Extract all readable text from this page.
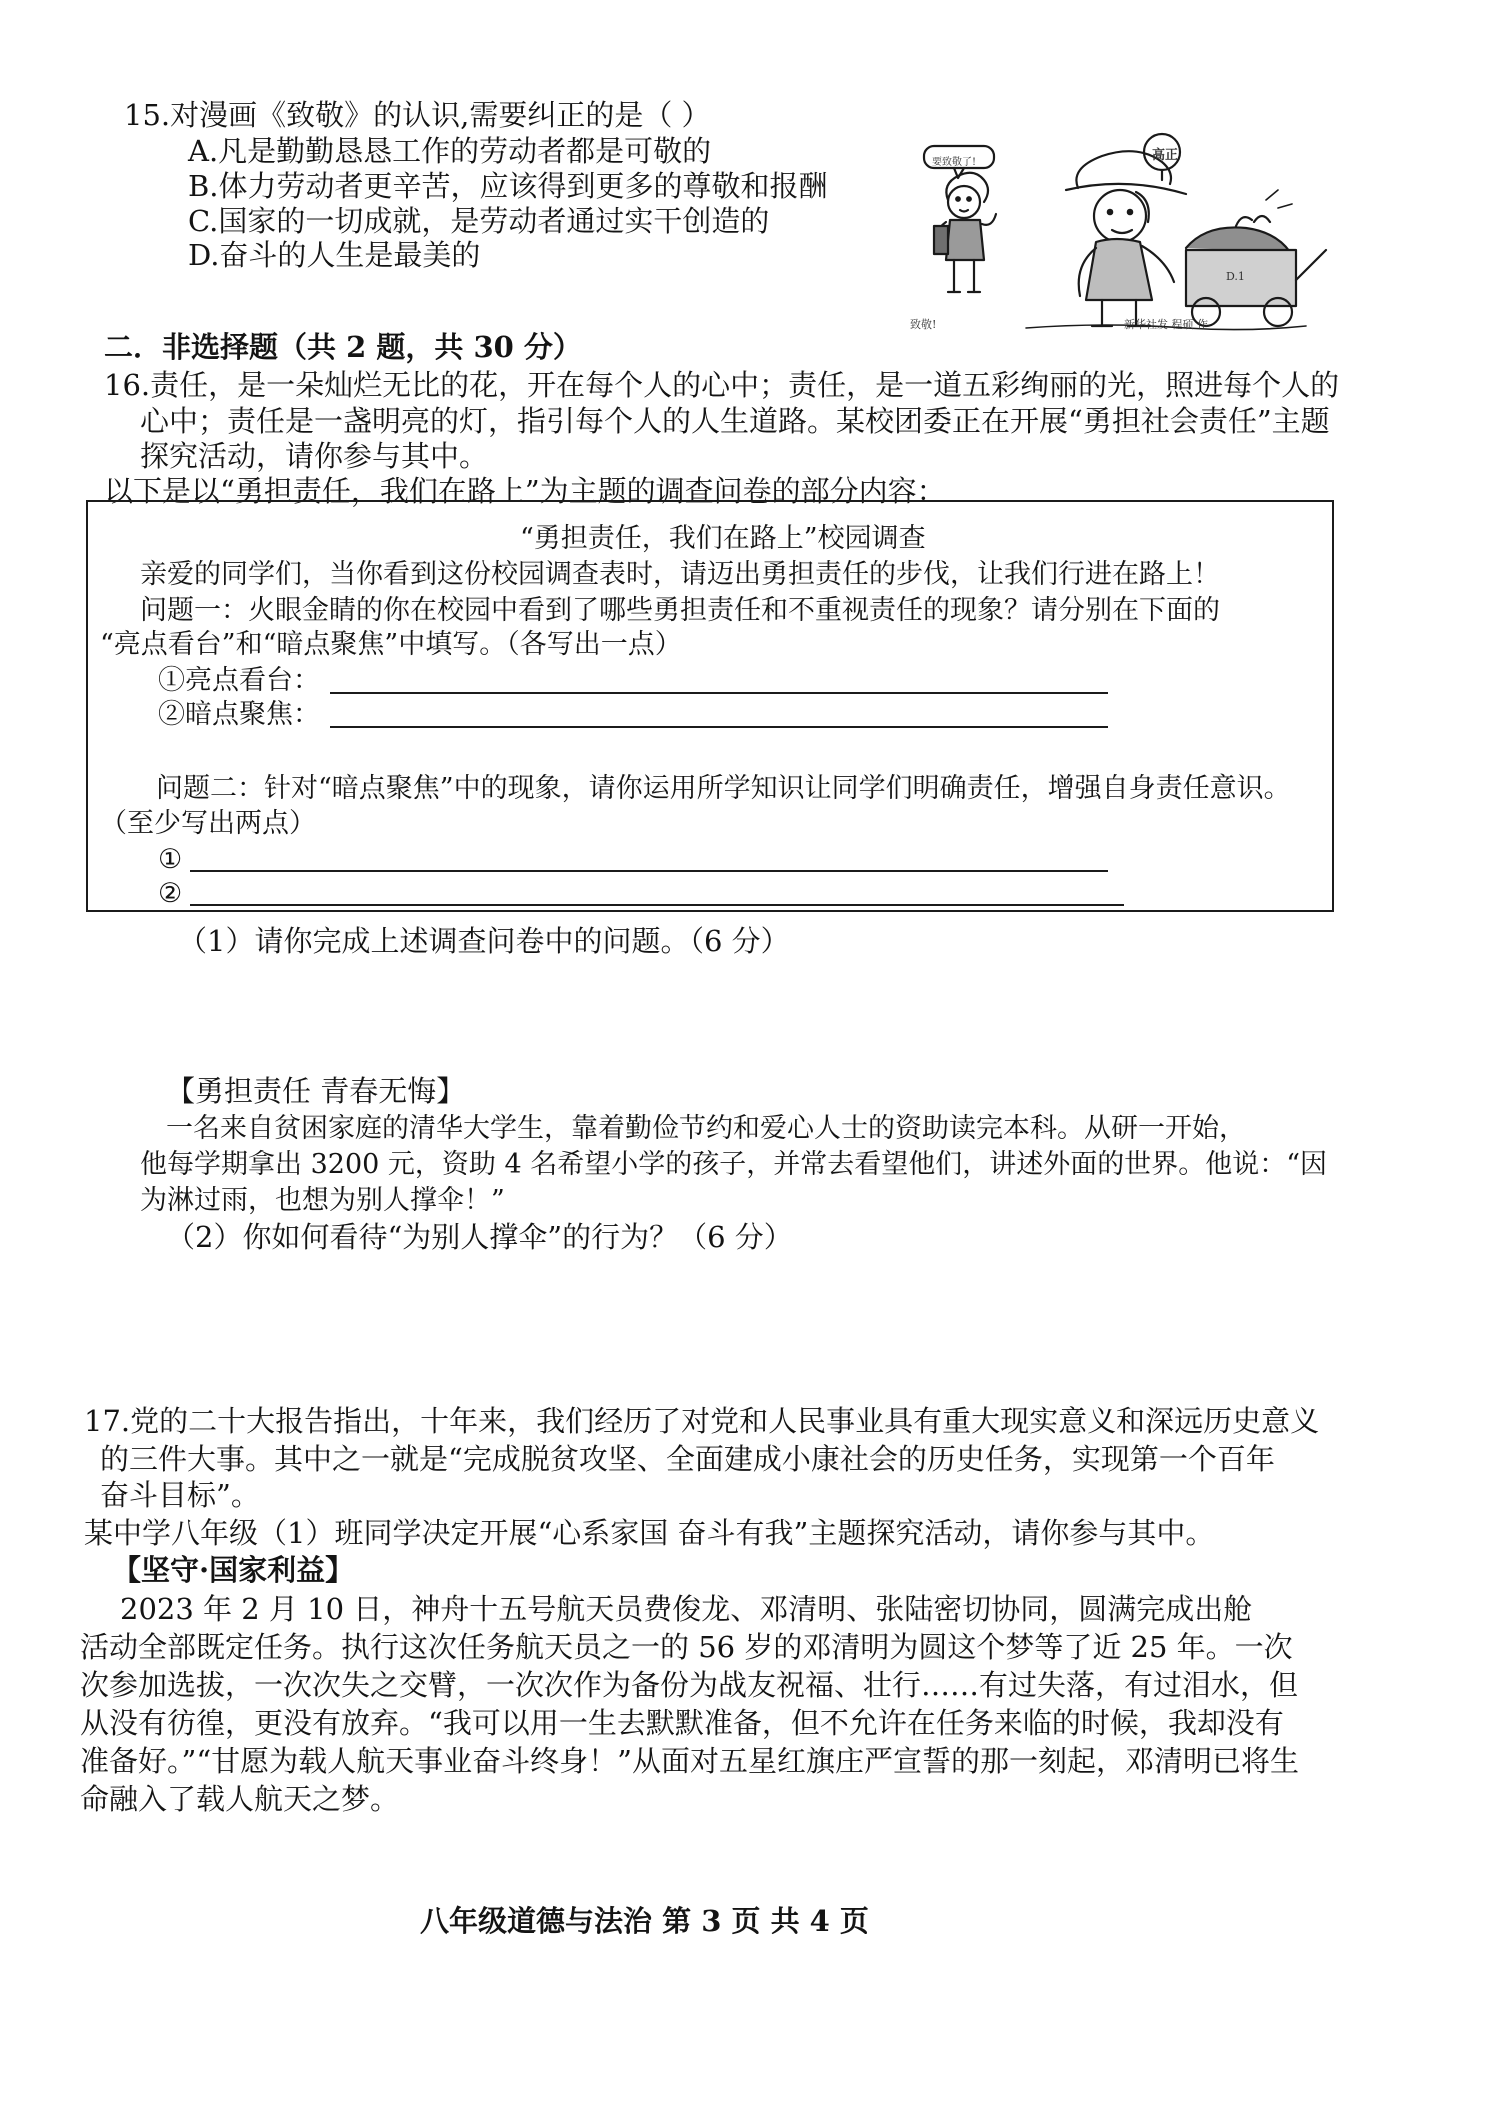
15.对漫画《致敬》的认识,需要纠正的是（ ）
A.凡是勤勤恳恳工作的劳动者都是可敬的
B.体力劳动者更辛苦，应该得到更多的尊敬和报酬
C.国家的一切成就，是劳动者通过实干创造的
D.奋斗的人生是最美的
高正
要致敬了!
D.1
致敬!	新华社发 程硕 作
二．非选择题（共 2 题，共 30 分）
16.责任，是一朵灿烂无比的花，开在每个人的心中；责任，是一道五彩绚丽的光，照进每个人的
心中；责任是一盏明亮的灯，指引每个人的人生道路。某校团委正在开展“勇担社会责任”主题
探究活动，请你参与其中。
以下是以“勇担责任，我们在路上”为主题的调查问卷的部分内容：
“勇担责任，我们在路上”校园调查
亲爱的同学们，当你看到这份校园调查表时，请迈出勇担责任的步伐，让我们行进在路上！
问题一：火眼金睛的你在校园中看到了哪些勇担责任和不重视责任的现象？请分别在下面的
“亮点看台”和“暗点聚焦”中填写。（各写出一点）
①亮点看台：
②暗点聚焦：
问题二：针对“暗点聚焦”中的现象，请你运用所学知识让同学们明确责任，增强自身责任意识。
（至少写出两点）
①
②
（1）请你完成上述调查问卷中的问题。（6 分）
【勇担责任 青春无悔】
一名来自贫困家庭的清华大学生，靠着勤俭节约和爱心人士的资助读完本科。从研一开始，
他每学期拿出 3200 元，资助 4 名希望小学的孩子，并常去看望他们，讲述外面的世界。他说：“因
为淋过雨，也想为别人撑伞！”
（2）你如何看待“为别人撑伞”的行为？（6 分）
17.党的二十大报告指出，十年来，我们经历了对党和人民事业具有重大现实意义和深远历史意义
的三件大事。其中之一就是“完成脱贫攻坚、全面建成小康社会的历史任务，实现第一个百年
奋斗目标”。
某中学八年级（1）班同学决定开展“心系家国 奋斗有我”主题探究活动，请你参与其中。
【坚守·国家利益】
2023 年 2 月 10 日，神舟十五号航天员费俊龙、邓清明、张陆密切协同，圆满完成出舱
活动全部既定任务。执行这次任务航天员之一的 56 岁的邓清明为圆这个梦等了近 25 年。一次
次参加选拔，一次次失之交臂，一次次作为备份为战友祝福、壮行……有过失落，有过泪水，但
从没有彷徨，更没有放弃。“我可以用一生去默默准备，但不允许在任务来临的时候，我却没有
准备好。”“甘愿为载人航天事业奋斗终身！”从面对五星红旗庄严宣誓的那一刻起，邓清明已将生
命融入了载人航天之梦。
八年级道德与法治 第 3 页 共 4 页
